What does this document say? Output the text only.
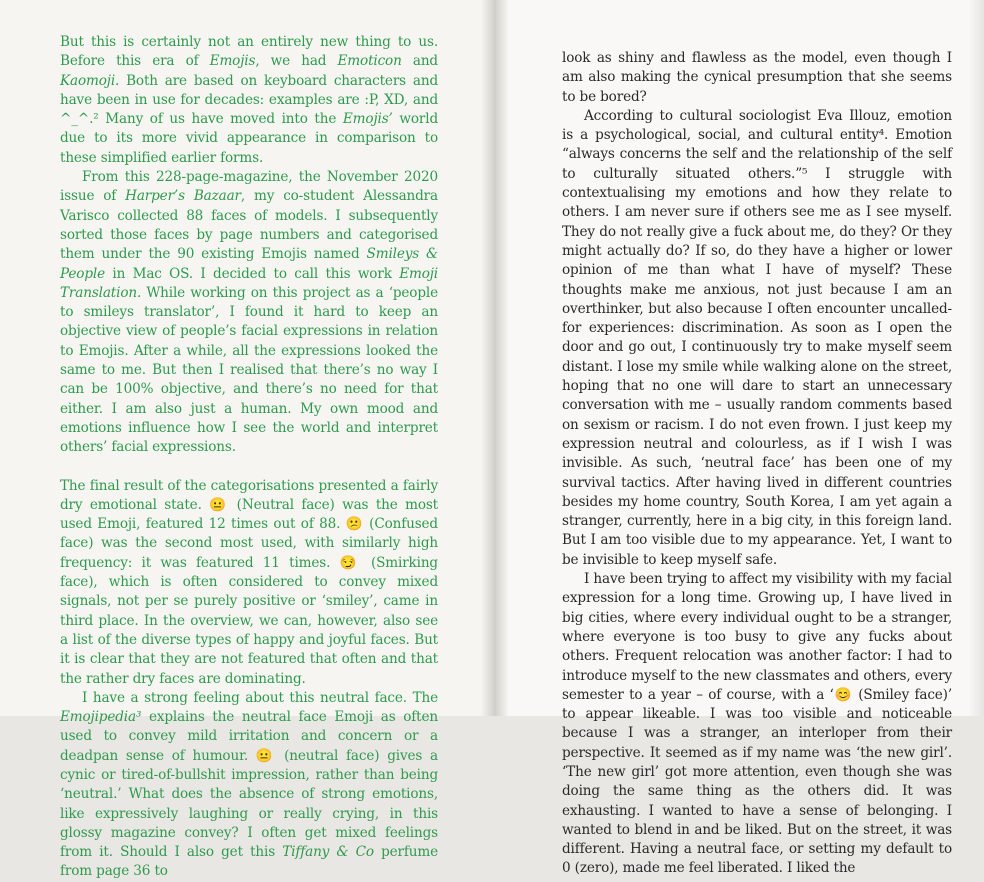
But this is certainly not an entirely new thing to us. Before this era of Emojis, we had Emoticon and Kaomoji. Both are based on keyboard characters and have been in use for decades: examples are :P, XD, and ^_^.² Many of us have moved into the Emojis’ world due to its more vivid appearance in comparison to these simplified earlier forms.

From this 228-page-magazine, the November 2020 issue of Harper’s Bazaar, my co-student Alessandra Varisco collected 88 faces of models. I subsequently sorted those faces by page numbers and categorised them under the 90 existing Emojis named Smileys & People in Mac OS. I decided to call this work Emoji Translation. While working on this project as a ‘people to smileys translator’, I found it hard to keep an objective view of people’s facial expressions in relation to Emojis. After a while, all the expressions looked the same to me. But then I realised that there’s no way I can be 100% objective, and there’s no need for that either. I am also just a human. My own mood and emotions influence how I see the world and interpret others’ facial expressions.

The final result of the categorisations presented a fairly dry emotional state. 😐 (Neutral face) was the most used Emoji, featured 12 times out of 88. 😕 (Confused face) was the second most used, with similarly high frequency: it was featured 11 times. 😏 (Smirking face), which is often considered to convey mixed signals, not per se purely positive or ‘smiley’, came in third place. In the overview, we can, however, also see a list of the diverse types of happy and joyful faces. But it is clear that they are not featured that often and that the rather dry faces are dominating.

I have a strong feeling about this neutral face. The Emojipedia³ explains the neutral face Emoji as often used to convey mild irritation and concern or a deadpan sense of humour. 😐 (neutral face) gives a cynic or tired-of-bullshit impression, rather than being ‘neutral.’ What does the absence of strong emotions, like expressively laughing or really crying, in this glossy magazine convey? I often get mixed feelings from it. Should I also get this Tiffany & Co perfume from page 36 to

look as shiny and flawless as the model, even though I am also making the cynical presumption that she seems to be bored?

According to cultural sociologist Eva Illouz, emotion is a psychological, social, and cultural entity⁴. Emotion “always concerns the self and the relationship of the self to culturally situated others.”⁵ I struggle with contextualising my emotions and how they relate to others. I am never sure if others see me as I see myself. They do not really give a fuck about me, do they? Or they might actually do? If so, do they have a higher or lower opinion of me than what I have of myself? These thoughts make me anxious, not just because I am an overthinker, but also because I often encounter uncalled-for experiences: discrimination. As soon as I open the door and go out, I continuously try to make myself seem distant. I lose my smile while walking alone on the street, hoping that no one will dare to start an unnecessary conversation with me – usually random comments based on sexism or racism. I do not even frown. I just keep my expression neutral and colourless, as if I wish I was invisible. As such, ‘neutral face’ has been one of my survival tactics. After having lived in different countries besides my home country, South Korea, I am yet again a stranger, currently, here in a big city, in this foreign land. But I am too visible due to my appearance. Yet, I want to be invisible to keep myself safe.

I have been trying to affect my visibility with my facial expression for a long time. Growing up, I have lived in big cities, where every individual ought to be a stranger, where everyone is too busy to give any fucks about others. Frequent relocation was another factor: I had to introduce myself to the new classmates and others, every semester to a year – of course, with a ‘😊 (Smiley face)’ to appear likeable. I was too visible and noticeable because I was a stranger, an interloper from their perspective. It seemed as if my name was ‘the new girl’. ‘The new girl’ got more attention, even though she was doing the same thing as the others did. It was exhausting. I wanted to have a sense of belonging. I wanted to blend in and be liked. But on the street, it was different. Having a neutral face, or setting my default to 0 (zero), made me feel liberated. I liked the
